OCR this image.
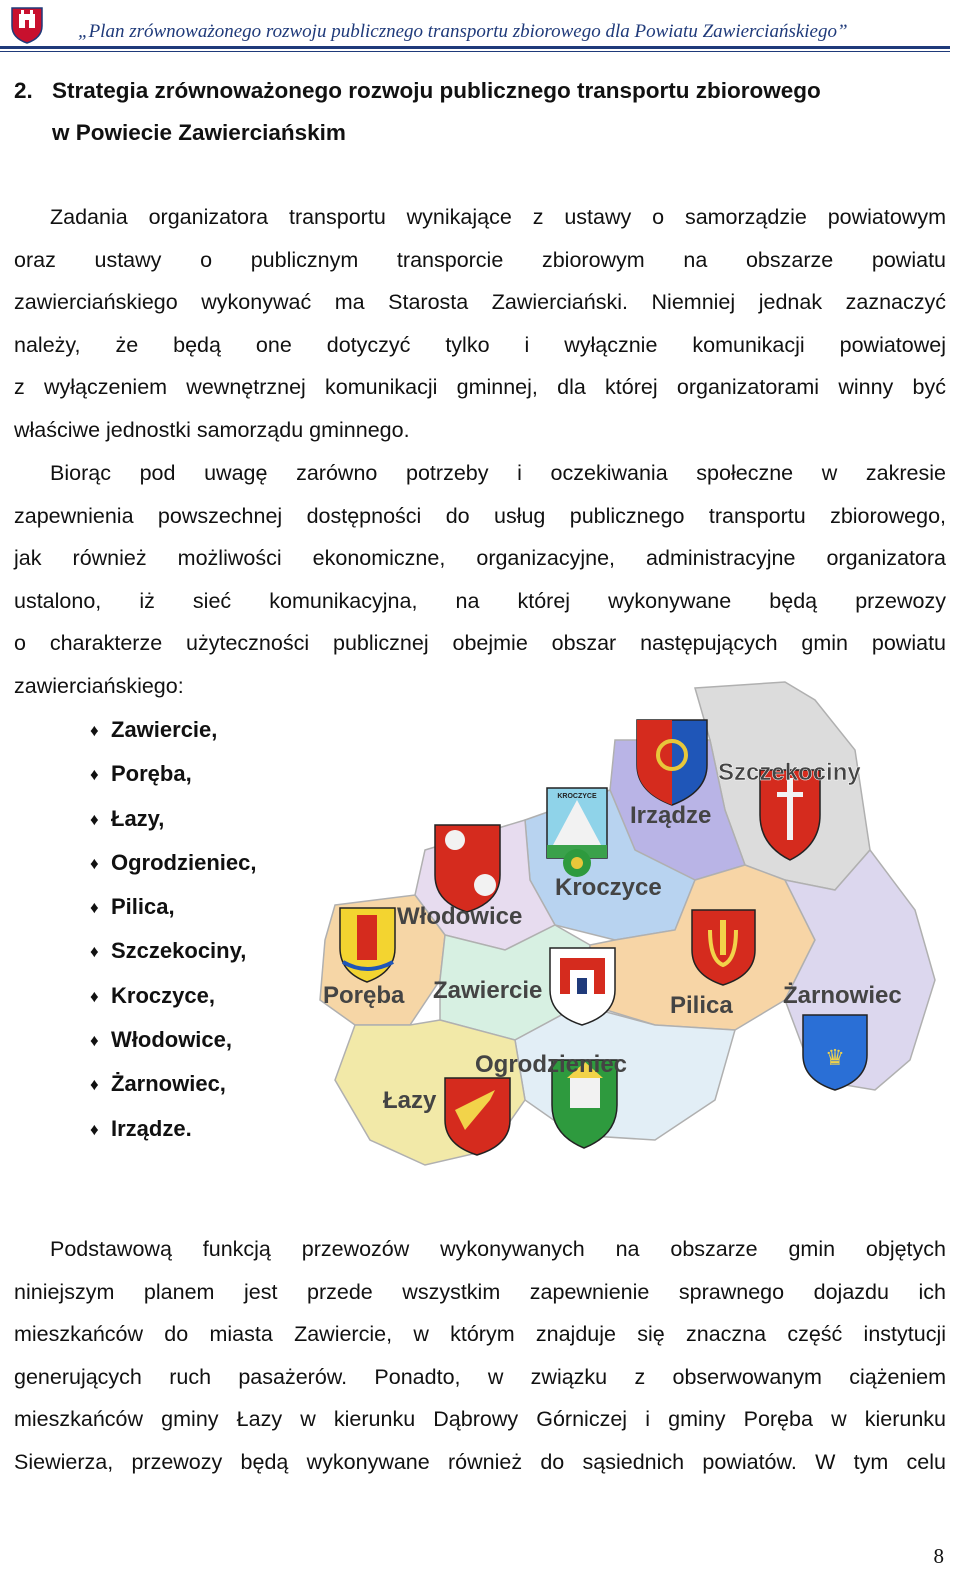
„Plan zrównoważonego rozwoju publicznego transportu zbiorowego dla Powiatu Zawierciańskiego”
2. Strategia zrównoważonego rozwoju publicznego transportu zbiorowego
w Powiecie Zawierciańskim
Zadania organizatora transportu wynikające z ustawy o samorządzie powiatowym
oraz ustawy o publicznym transporcie zbiorowym na obszarze powiatu
zawierciańskiego wykonywać ma Starosta Zawierciański. Niemniej jednak zaznaczyć
należy, że będą one dotyczyć tylko i wyłącznie komunikacji powiatowej
z wyłączeniem wewnętrznej komunikacji gminnej, dla której organizatorami winny być
właściwe jednostki samorządu gminnego.
Biorąc pod uwagę zarówno potrzeby i oczekiwania społeczne w zakresie
zapewnienia powszechnej dostępności do usług publicznego transportu zbiorowego,
jak również możliwości ekonomiczne, organizacyjne, administracyjne organizatora
ustalono, iż sieć komunikacyjna, na której wykonywane będą przewozy
o charakterze użyteczności publicznej obejmie obszar następujących gmin powiatu
zawierciańskiego:
♦ Zawiercie,
♦ Poręba,
♦ Łazy,
♦ Ogrodzieniec,
♦ Pilica,
♦ Szczekociny,
♦ Kroczyce,
♦ Włodowice,
♦ Żarnowiec,
♦ Irządze.
KROCZYCE
♛
Szczekociny
Irządze
Kroczyce
Włodowice
Poręba Zawiercie
Pilica Żarnowiec
Ogrodzieniec
Łazy
Podstawową funkcją przewozów wykonywanych na obszarze gmin objętych
niniejszym planem jest przede wszystkim zapewnienie sprawnego dojazdu ich
mieszkańców do miasta Zawiercie, w którym znajduje się znaczna część instytucji
generujących ruch pasażerów. Ponadto, w związku z obserwowanym ciążeniem
mieszkańców gminy Łazy w kierunku Dąbrowy Górniczej i gminy Poręba w kierunku
Siewierza, przewozy będą wykonywane również do sąsiednich powiatów. W tym celu
8
